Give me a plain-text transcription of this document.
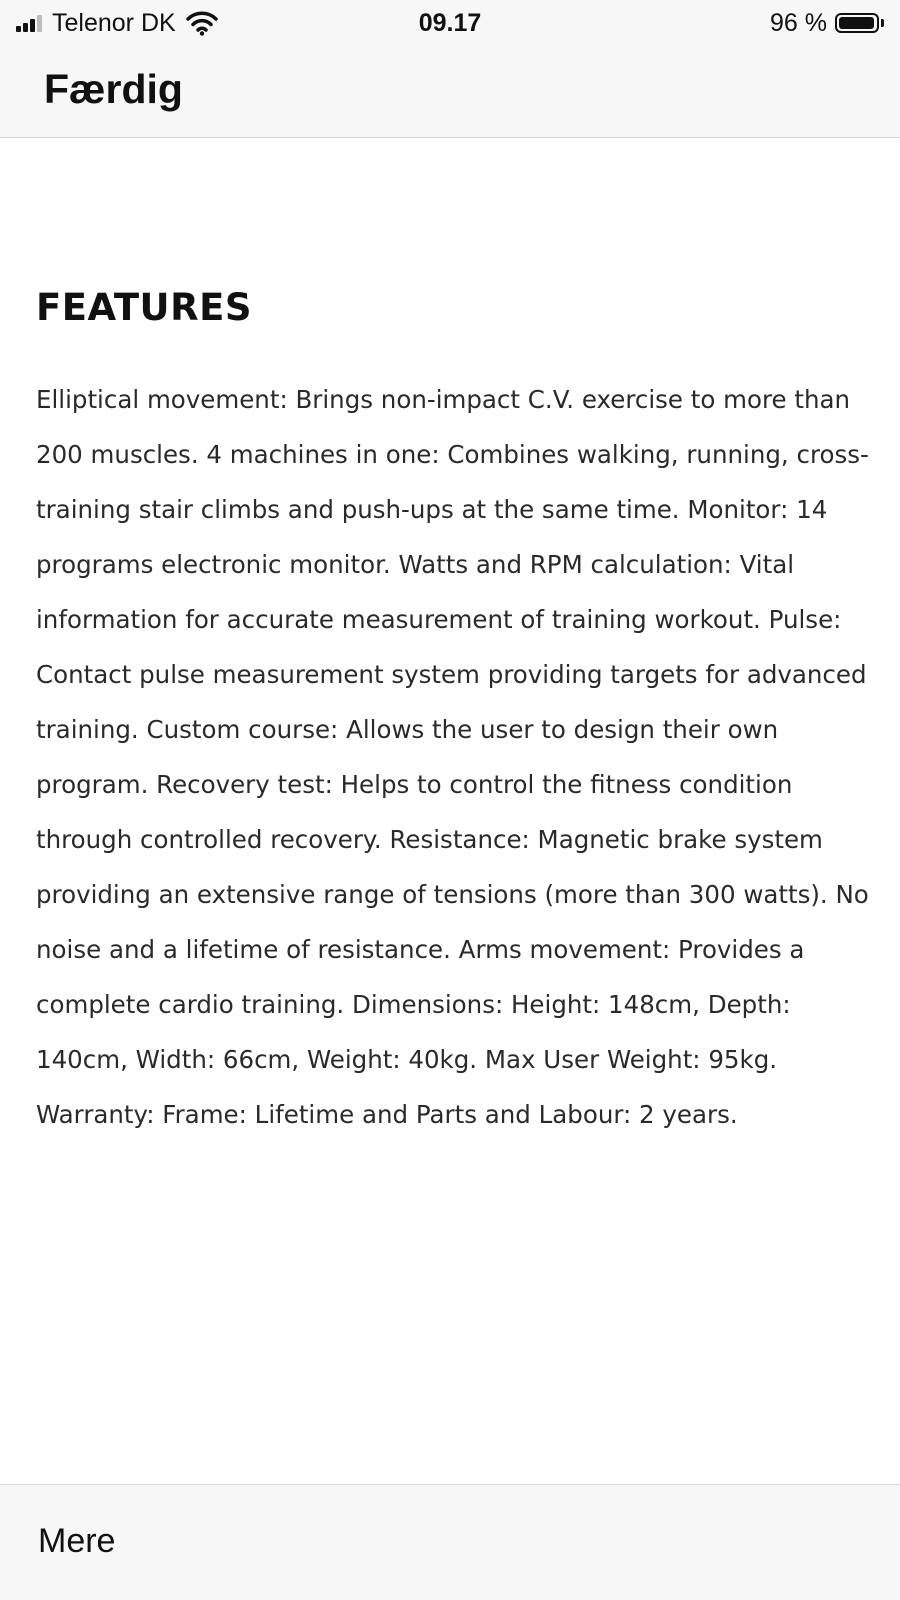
Telenor DK	09.17	96 %
Færdig
FEATURES

Elliptical movement: Brings non-impact C.V. exercise to more than 200 muscles. 4 machines in one: Combines walking, running, cross-training stair climbs and push-ups at the same time. Monitor: 14 programs electronic monitor. Watts and RPM calculation: Vital information for accurate measurement of training workout. Pulse: Contact pulse measurement system providing targets for advanced training. Custom course: Allows the user to design their own program. Recovery test: Helps to control the fitness condition through controlled recovery. Resistance: Magnetic brake system providing an extensive range of tensions (more than 300 watts). No noise and a lifetime of resistance. Arms movement: Provides a complete cardio training. Dimensions: Height: 148cm, Depth: 140cm, Width: 66cm, Weight: 40kg. Max User Weight: 95kg. Warranty: Frame: Lifetime and Parts and Labour: 2 years.

Mere
